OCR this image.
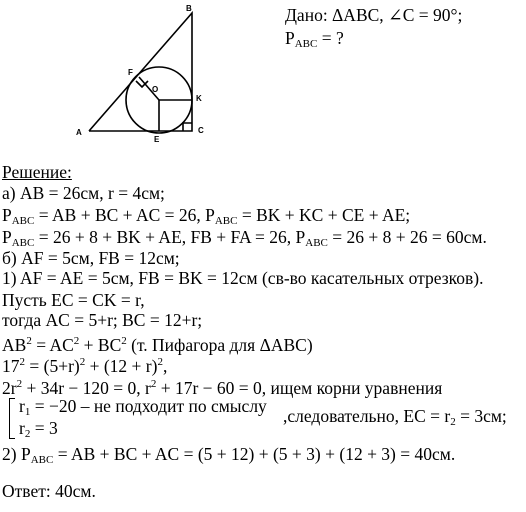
A
B
C
F
K
E
O
Дано: ΔABC, ∠C = 90°;
$P_{ABC}$ = ?
Решение:
а) AB = 26см, r = 4см;
$P_{ABC}$ = AB + BC + AC = 26, $P_{ABC}$ = BK + KC + CE + AE;
$P_{ABC} = 26 + 8$ + BK + AE, FB + FA = 26, $P_{ABC} = 26 + 8 + 26 = 60см$.
б) AF = 5см, FB = 12см;
1) AF = AE = 5см, FB = BK = 12см (св-во касательных отрезков).
Пусть EC = CK = r,
тогда AC = 5+r; BC = 12+r;
$AB^2 = AC^2 + BC^2$ (т. Пифагора для ΔABC)
$17^2 = (5+r)^2 + (12 + r)^2$,
$2r^2 + 34r - 120 = 0$, $r^2 + 17r - 60 = 0$, ищем корни уравнения
$r_1 = -20$ – не подходит по смыслу
$r_2 = 3$
,следовательно, EC = $r_2 = 3см$;
2) $P_{ABC}$ = AB + BC + AC = (5 + 12) + (5 + 3) + (12 + 3) = 40см.
Ответ: 40см.
